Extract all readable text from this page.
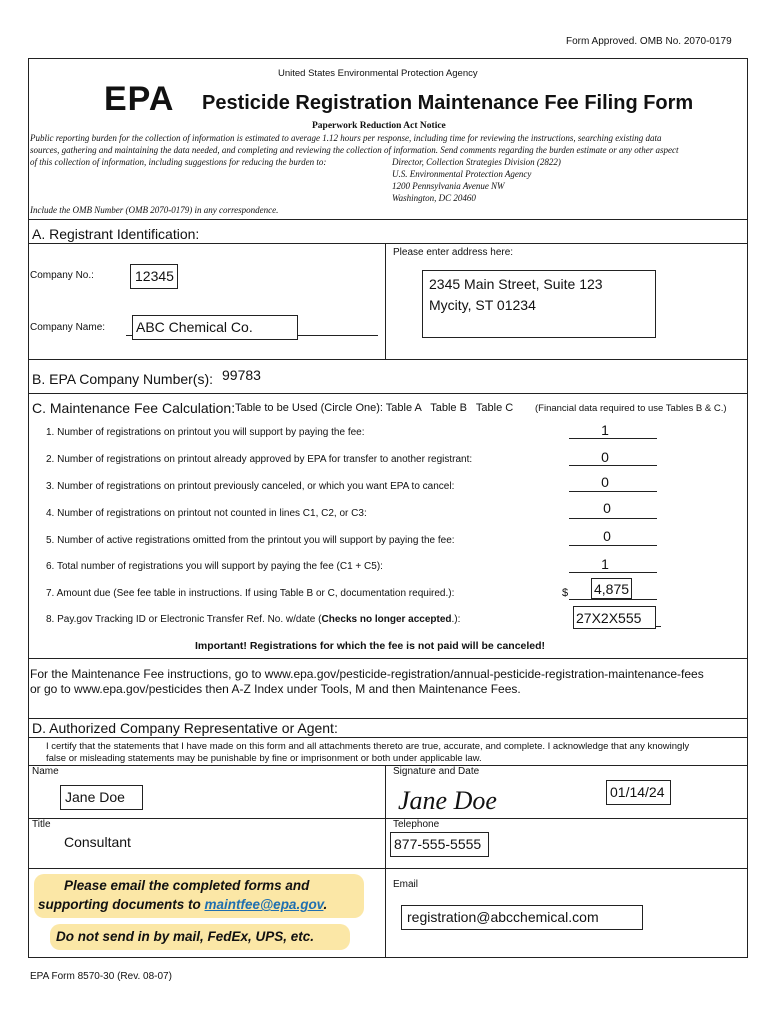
Form Approved. OMB No. 2070-0179
United States Environmental Protection Agency
EPA Pesticide Registration Maintenance Fee Filing Form
Paperwork Reduction Act Notice
Public reporting burden for the collection of information is estimated to average 1.12 hours per response, including time for reviewing the instructions, searching existing data
sources, gathering and maintaining the data needed, and completing and reviewing the collection of information. Send comments regarding the burden estimate or any other aspect
of this collection of information, including suggestions for reducing the burden to:	Director, Collection Strategies Division (2822)
U.S. Environmental Protection Agency
1200 Pennsylvania Avenue NW
Washington, DC 20460
Include the OMB Number (OMB 2070-0179) in any correspondence.
A. Registrant Identification:
Please enter address here:
Company No.:	12345
Company Name: ABC Chemical Co.
2345 Main Street, Suite 123
Mycity, ST 01234
B. EPA Company Number(s): 99783
C. Maintenance Fee Calculation: Table to be Used (Circle One): Table A   Table B   Table C (Financial data required to use Tables B & C.)
1. Number of registrations on printout you will support by paying the fee:	1
2. Number of registrations on printout already approved by EPA for transfer to another registrant:	0
3. Number of registrations on printout previously canceled, or which you want EPA to cancel:	0
4. Number of registrations on printout not counted in lines C1, C2, or C3:	0
5. Number of active registrations omitted from the printout you will support by paying the fee:	0
6. Total number of registrations you will support by paying the fee (C1 + C5):	1
7. Amount due (See fee table in instructions. If using Table B or C, documentation required.):	$ 4,875
8. Pay.gov Tracking ID or Electronic Transfer Ref. No. w/date (Checks no longer accepted.):	27X2X555
Important! Registrations for which the fee is not paid will be canceled!
For the Maintenance Fee instructions, go to www.epa.gov/pesticide-registration/annual-pesticide-registration-maintenance-fees
or go to www.epa.gov/pesticides then A-Z Index under Tools, M and then Maintenance Fees.
D. Authorized Company Representative or Agent:
I certify that the statements that I have made on this form and all attachments thereto are true, accurate, and complete. I acknowledge that any knowingly
false or misleading statements may be punishable by fine or imprisonment or both under applicable law.
Name
Jane Doe
Signature and Date
Jane Doe	01/14/24
Title
Consultant
Telephone
877-555-5555
Email
registration@abcchemical.com
Please email the completed forms and
supporting documents to maintfee@epa.gov.
Do not send in by mail, FedEx, UPS, etc.
EPA Form 8570-30 (Rev. 08-07)
